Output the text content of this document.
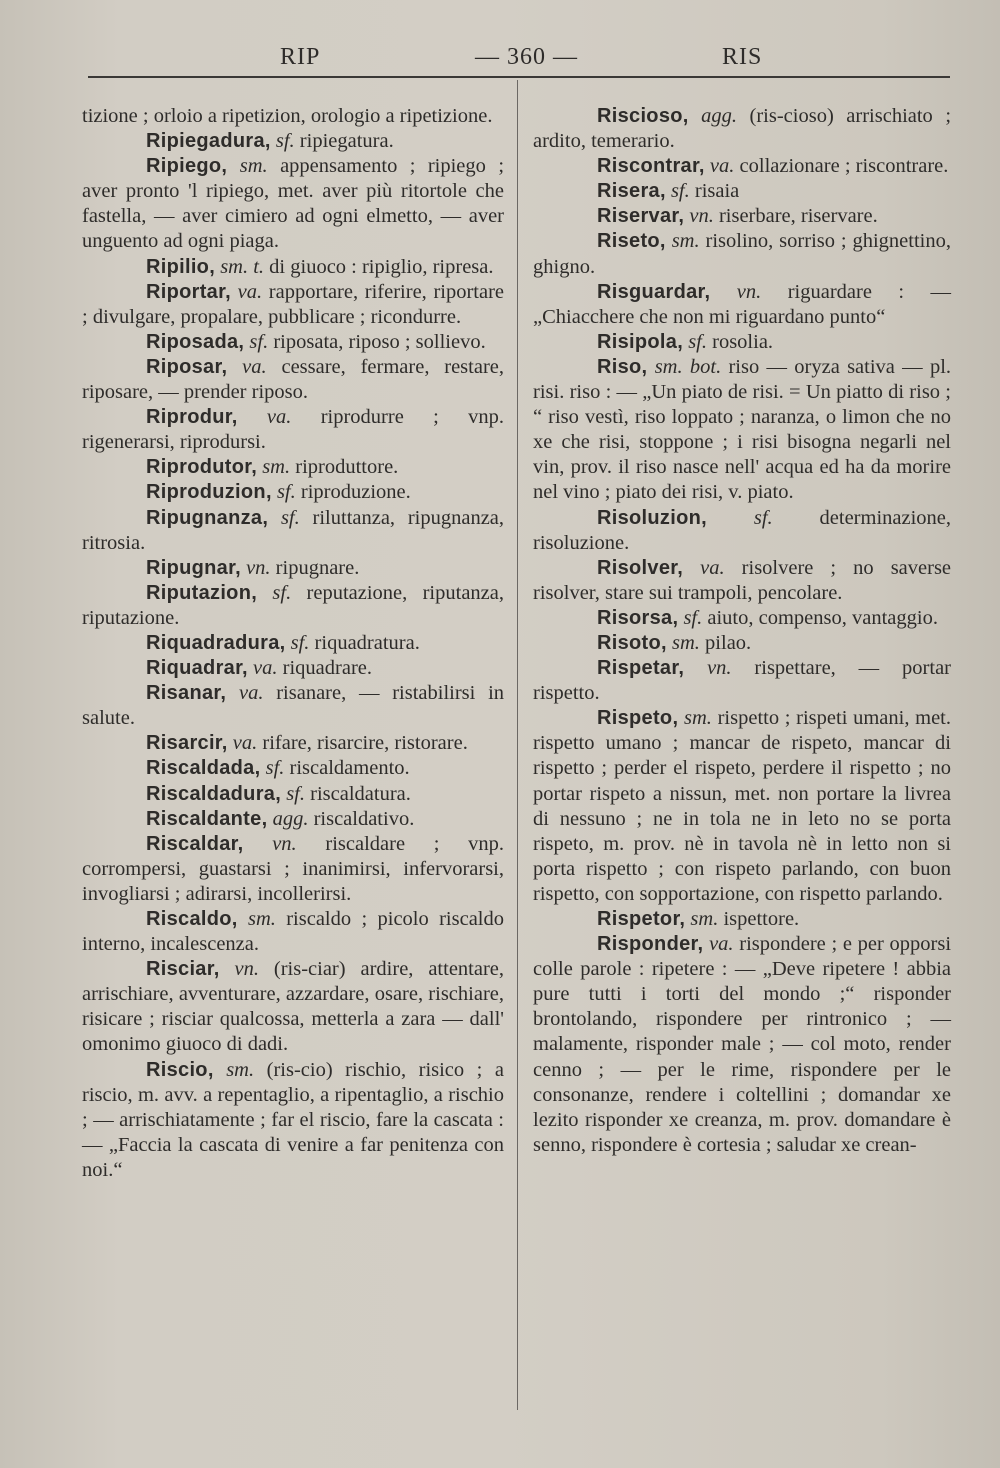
RIP	— 360 —	RIS

tizione ; orloio a ripetizion, orologio a ripetizione.

Ripiegadura, sf. ripiegatura.

Ripiego, sm. appensamento ; ripiego ; aver pronto 'l ripiego, met. aver più ritortole che fastella, — aver cimiero ad ogni elmetto, — aver unguento ad ogni piaga.

Ripilio, sm. t. di giuoco : ripiglio, ripresa.

Riportar, va. rapportare, riferire, riportare ; divulgare, propalare, pubblicare ; ricondurre.

Riposada, sf. riposata, riposo ; sollievo.

Riposar, va. cessare, fermare, restare, riposare, — prender riposo.

Riprodur, va. riprodurre ; vnp. rigenerarsi, riprodursi.

Riprodutor, sm. riproduttore.

Riproduzion, sf. riproduzione.

Ripugnanza, sf. riluttanza, ripugnanza, ritrosia.

Ripugnar, vn. ripugnare.

Riputazion, sf. reputazione, riputanza, riputazione.

Riquadradura, sf. riquadratura.

Riquadrar, va. riquadrare.

Risanar, va. risanare, — ristabilirsi in salute.

Risarcir, va. rifare, risarcire, ristorare.

Riscaldada, sf. riscaldamento.

Riscaldadura, sf. riscaldatura.

Riscaldante, agg. riscaldativo.

Riscaldar, vn. riscaldare ; vnp. corrompersi, guastarsi ; inanimirsi, infervorarsi, invogliarsi ; adirarsi, incollerirsi.

Riscaldo, sm. riscaldo ; picolo riscaldo interno, incalescenza.

Risciar, vn. (ris-ciar) ardire, attentare, arrischiare, avventurare, azzardare, osare, rischiare, risicare ; risciar qualcossa, metterla a zara — dall' omonimo giuoco di dadi.

Riscio, sm. (ris-cio) rischio, risico ; a riscio, m. avv. a repentaglio, a ripentaglio, a rischio ; — arrischiatamente ; far el riscio, fare la cascata : — „Faccia la cascata di venire a far penitenza con noi.“

Riscioso, agg. (ris-cioso) arrischiato ; ardito, temerario.

Riscontrar, va. collazionare ; riscontrare.

Risera, sf. risaia

Riservar, vn. riserbare, riservare.

Riseto, sm. risolino, sorriso ; ghignettino, ghigno.

Risguardar, vn. riguardare : — „Chiacchere che non mi riguardano punto“

Risipola, sf. rosolia.

Riso, sm. bot. riso — oryza sativa — pl. risi. riso : — „Un piato de risi. = Un piatto di riso ; “ riso vestì, riso loppato ; naranza, o limon che no xe che risi, stoppone ; i risi bisogna negarli nel vin, prov. il riso nasce nell' acqua ed ha da morire nel vino ; piato dei risi, v. piato.

Risoluzion, sf. determinazione, risoluzione.

Risolver, va. risolvere ; no saverse risolver, stare sui trampoli, pencolare.

Risorsa, sf. aiuto, compenso, vantaggio.

Risoto, sm. pilao.

Rispetar, vn. rispettare, — portar rispetto.

Rispeto, sm. rispetto ; rispeti umani, met. rispetto umano ; mancar de rispeto, mancar di rispetto ; perder el rispeto, perdere il rispetto ; no portar rispeto a nissun, met. non portare la livrea di nessuno ; ne in tola ne in leto no se porta rispeto, m. prov. nè in tavola nè in letto non si porta rispetto ; con rispeto parlando, con buon rispetto, con sopportazione, con rispetto parlando.

Rispetor, sm. ispettore.

Risponder, va. rispondere ; e per opporsi colle parole : ripetere : — „Deve ripetere ! abbia pure tutti i torti del mondo ;“ risponder brontolando, rispondere per rintronico ; — malamente, risponder male ; — col moto, render cenno ; — per le rime, rispondere per le consonanze, rendere i coltellini ; domandar xe lezito risponder xe creanza, m. prov. domandare è senno, rispondere è cortesia ; saludar xe crean-
